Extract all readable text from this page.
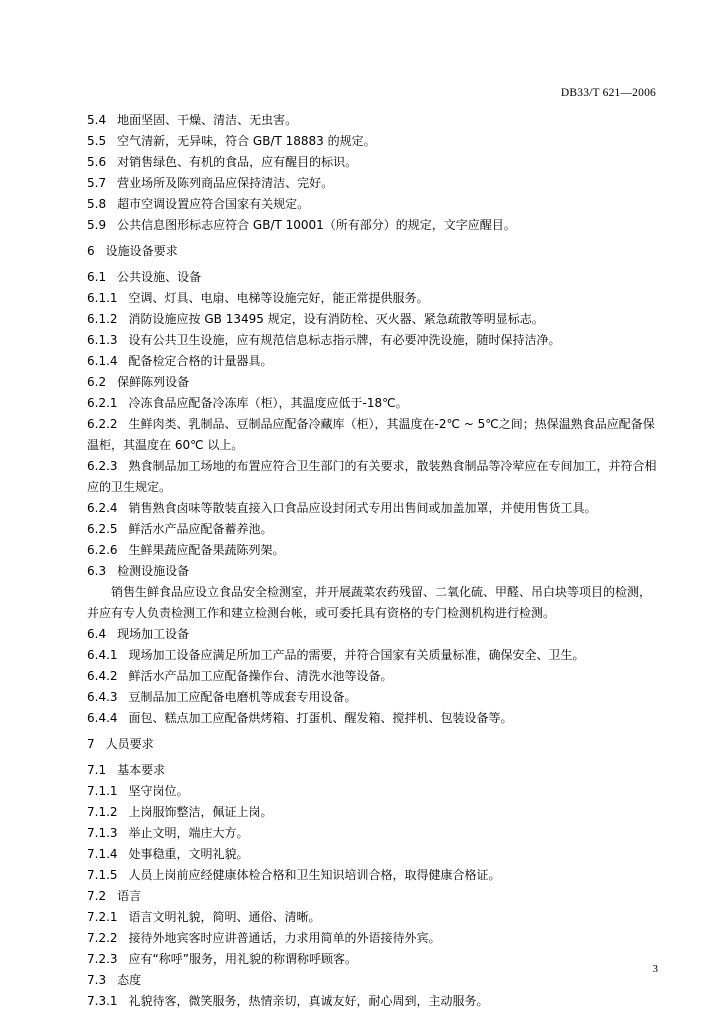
DB33/T 621—2006
5.4 地面坚固、干燥、清洁、无虫害。
5.5 空气清新，无异味，符合 GB/T 18883 的规定。
5.6 对销售绿色、有机的食品，应有醒目的标识。
5.7 营业场所及陈列商品应保持清洁、完好。
5.8 超市空调设置应符合国家有关规定。
5.9 公共信息图形标志应符合 GB/T 10001（所有部分）的规定，文字应醒目。
6 设施设备要求
6.1 公共设施、设备
6.1.1 空调、灯具、电扇、电梯等设施完好，能正常提供服务。
6.1.2 消防设施应按 GB 13495 规定，设有消防栓、灭火器、紧急疏散等明显标志。
6.1.3 设有公共卫生设施，应有规范信息标志指示牌，有必要冲洗设施，随时保持洁净。
6.1.4 配备检定合格的计量器具。
6.2 保鲜陈列设备
6.2.1 冷冻食品应配备冷冻库（柜），其温度应低于-18℃。
6.2.2 生鲜肉类、乳制品、豆制品应配备冷藏库（柜），其温度在-2℃ ~ 5℃之间；热保温熟食品应配备保温柜，其温度在 60℃ 以上。
6.2.3 熟食制品加工场地的布置应符合卫生部门的有关要求，散装熟食制品等冷荤应在专间加工，并符合相应的卫生规定。
6.2.4 销售熟食卤味等散装直接入口食品应设封闭式专用出售间或加盖加罩，并使用售货工具。
6.2.5 鲜活水产品应配备蓄养池。
6.2.6 生鲜果蔬应配备果蔬陈列架。
6.3 检测设施设备
销售生鲜食品应设立食品安全检测室，并开展蔬菜农药残留、二氧化硫、甲醛、吊白块等项目的检测，并应有专人负责检测工作和建立检测台帐，或可委托具有资格的专门检测机构进行检测。
6.4 现场加工设备
6.4.1 现场加工设备应满足所加工产品的需要，并符合国家有关质量标准，确保安全、卫生。
6.4.2 鲜活水产品加工应配备操作台、清洗水池等设备。
6.4.3 豆制品加工应配备电磨机等成套专用设备。
6.4.4 面包、糕点加工应配备烘烤箱、打蛋机、醒发箱、搅拌机、包装设备等。
7 人员要求
7.1 基本要求
7.1.1 坚守岗位。
7.1.2 上岗服饰整洁，佩证上岗。
7.1.3 举止文明，端庄大方。
7.1.4 处事稳重，文明礼貌。
7.1.5 人员上岗前应经健康体检合格和卫生知识培训合格，取得健康合格证。
7.2 语言
7.2.1 语言文明礼貌，简明、通俗、清晰。
7.2.2 接待外地宾客时应讲普通话，力求用简单的外语接待外宾。
7.2.3 应有“称呼”服务，用礼貌的称谓称呼顾客。
7.3 态度
7.3.1 礼貌待客，微笑服务，热情亲切，真诚友好，耐心周到，主动服务。
3
